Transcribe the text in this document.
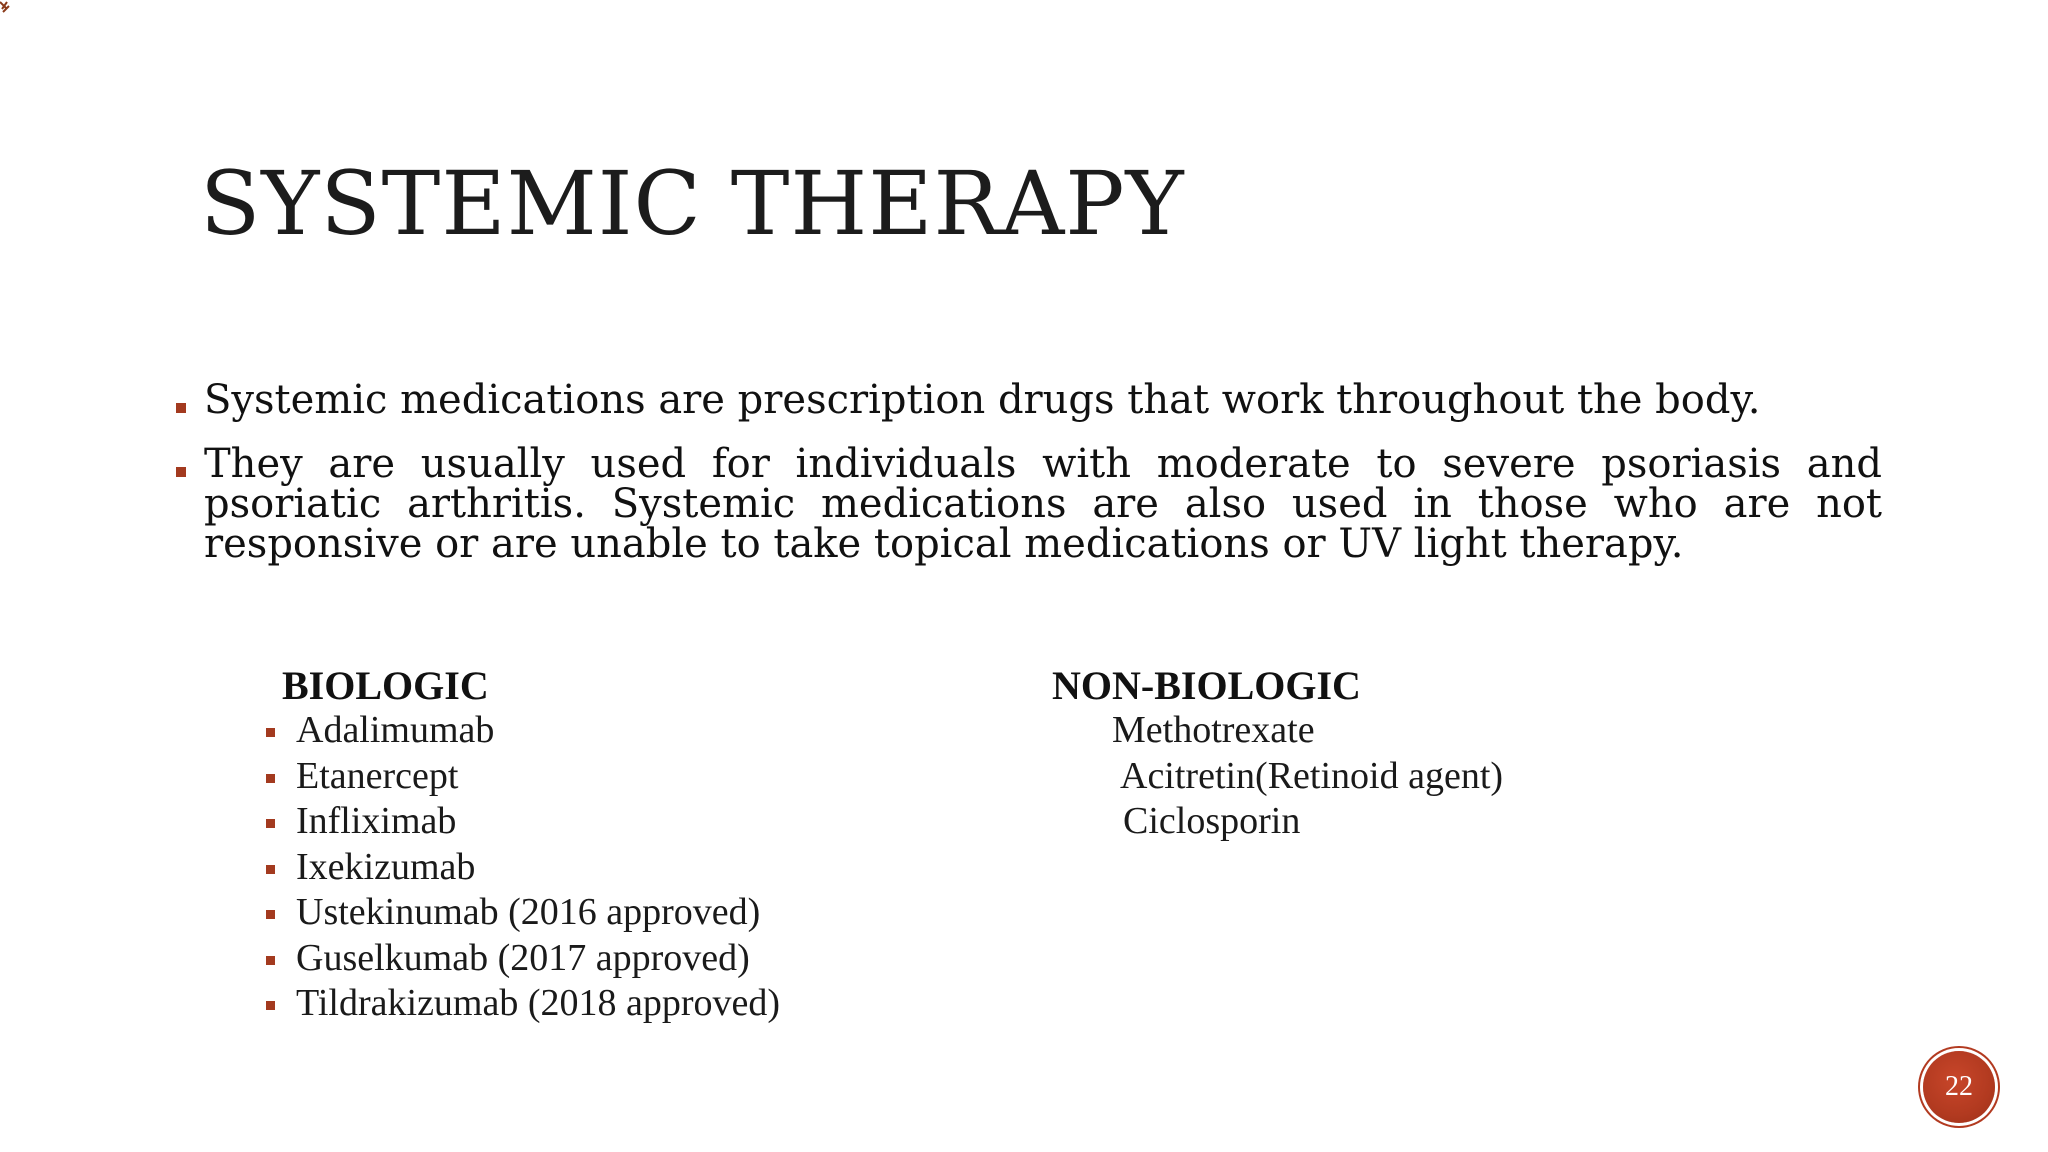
SYSTEMIC THERAPY
Systemic medications are prescription drugs that work throughout the body.
They are usually used for individuals with moderate to severe psoriasis and psoriatic arthritis. Systemic medications are also used in those who are not responsive or are unable to take topical medications or UV light therapy.
BIOLOGIC
Adalimumab
Etanercept
Infliximab
Ixekizumab
Ustekinumab (2016 approved)
Guselkumab (2017 approved)
Tildrakizumab (2018 approved)
NON-BIOLOGIC
Methotrexate
Acitretin(Retinoid agent)
Ciclosporin
22
